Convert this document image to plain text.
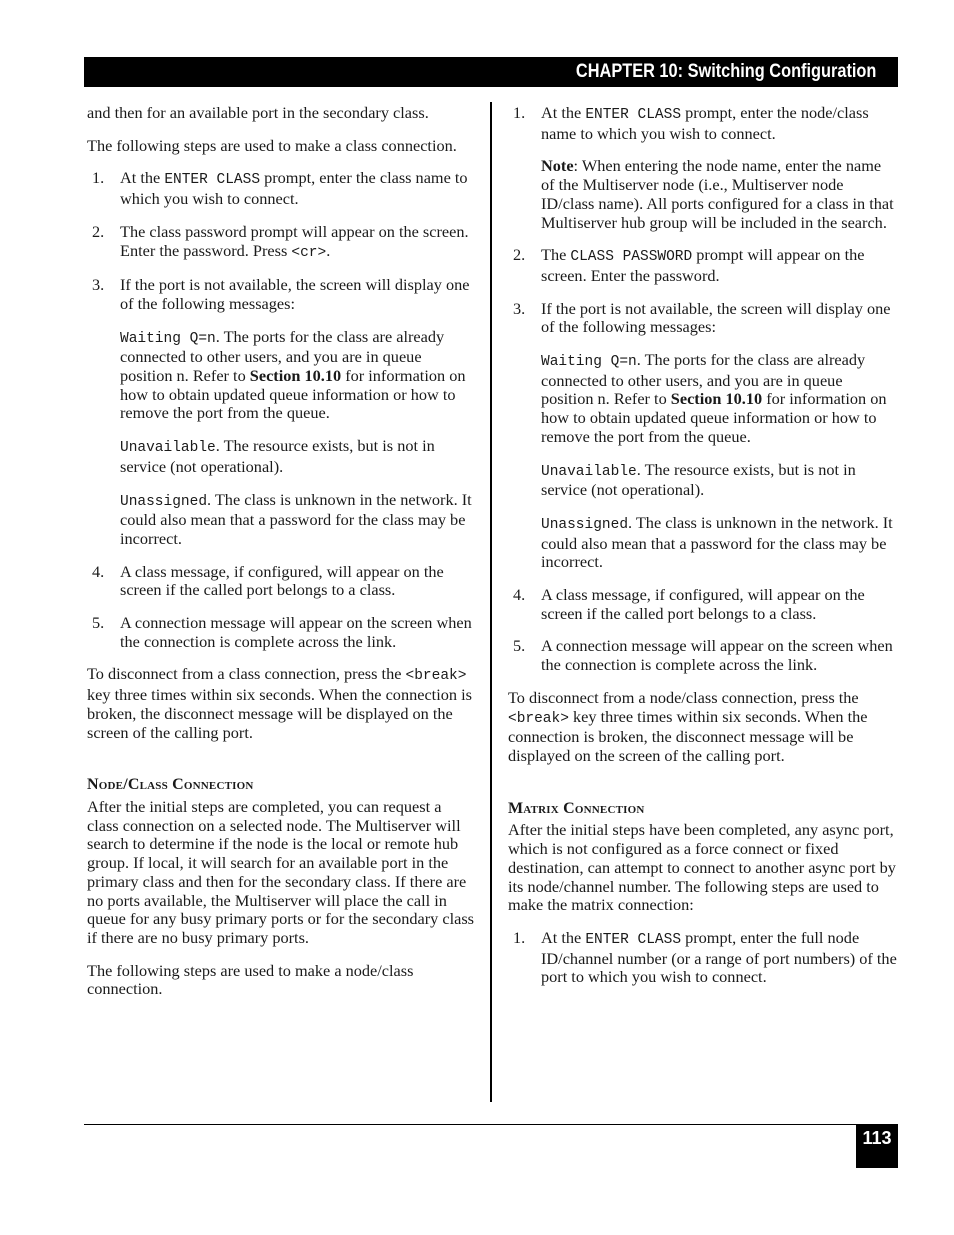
CHAPTER 10: Switching Configuration

and then for an available port in the secondary class.

The following steps are used to make a class connection.

1. At the ENTER CLASS prompt, enter the class name to which you wish to connect.
2. The class password prompt will appear on the screen. Enter the password. Press <cr>.
3. If the port is not available, the screen will display one of the following messages:

Waiting Q=n. The ports for the class are already connected to other users, and you are in queue position n. Refer to Section 10.10 for information on how to obtain updated queue information or how to remove the port from the queue.

Unavailable. The resource exists, but is not in service (not operational).

Unassigned. The class is unknown in the network. It could also mean that a password for the class may be incorrect.

4. A class message, if configured, will appear on the screen if the called port belongs to a class.
5. A connection message will appear on the screen when the connection is complete across the link.

To disconnect from a class connection, press the <break> key three times within six seconds. When the connection is broken, the disconnect message will be displayed on the screen of the calling port.

Node/Class Connection

After the initial steps are completed, you can request a class connection on a selected node. The Multiserver will search to determine if the node is the local or remote hub group. If local, it will search for an available port in the primary class and then for the secondary class. If there are no ports available, the Multiserver will place the call in queue for any busy primary ports or for the secondary class if there are no busy primary ports.

The following steps are used to make a node/class connection.

1. At the ENTER CLASS prompt, enter the node/class name to which you wish to connect.

Note: When entering the node name, enter the name of the Multiserver node (i.e., Multiserver node ID/class name). All ports configured for a class in that Multiserver hub group will be included in the search.

2. The CLASS PASSWORD prompt will appear on the screen. Enter the password.
3. If the port is not available, the screen will display one of the following messages:

Waiting Q=n. The ports for the class are already connected to other users, and you are in queue position n. Refer to Section 10.10 for information on how to obtain updated queue information or how to remove the port from the queue.

Unavailable. The resource exists, but is not in service (not operational).

Unassigned. The class is unknown in the network. It could also mean that a password for the class may be incorrect.

4. A class message, if configured, will appear on the screen if the called port belongs to a class.
5. A connection message will appear on the screen when the connection is complete across the link.

To disconnect from a node/class connection, press the <break> key three times within six seconds. When the connection is broken, the disconnect message will be displayed on the screen of the calling port.

Matrix Connection

After the initial steps have been completed, any async port, which is not configured as a force connect or fixed destination, can attempt to connect to another async port by its node/channel number. The following steps are used to make the matrix connection:

1. At the ENTER CLASS prompt, enter the full node ID/channel number (or a range of port numbers) of the port to which you wish to connect.
113
